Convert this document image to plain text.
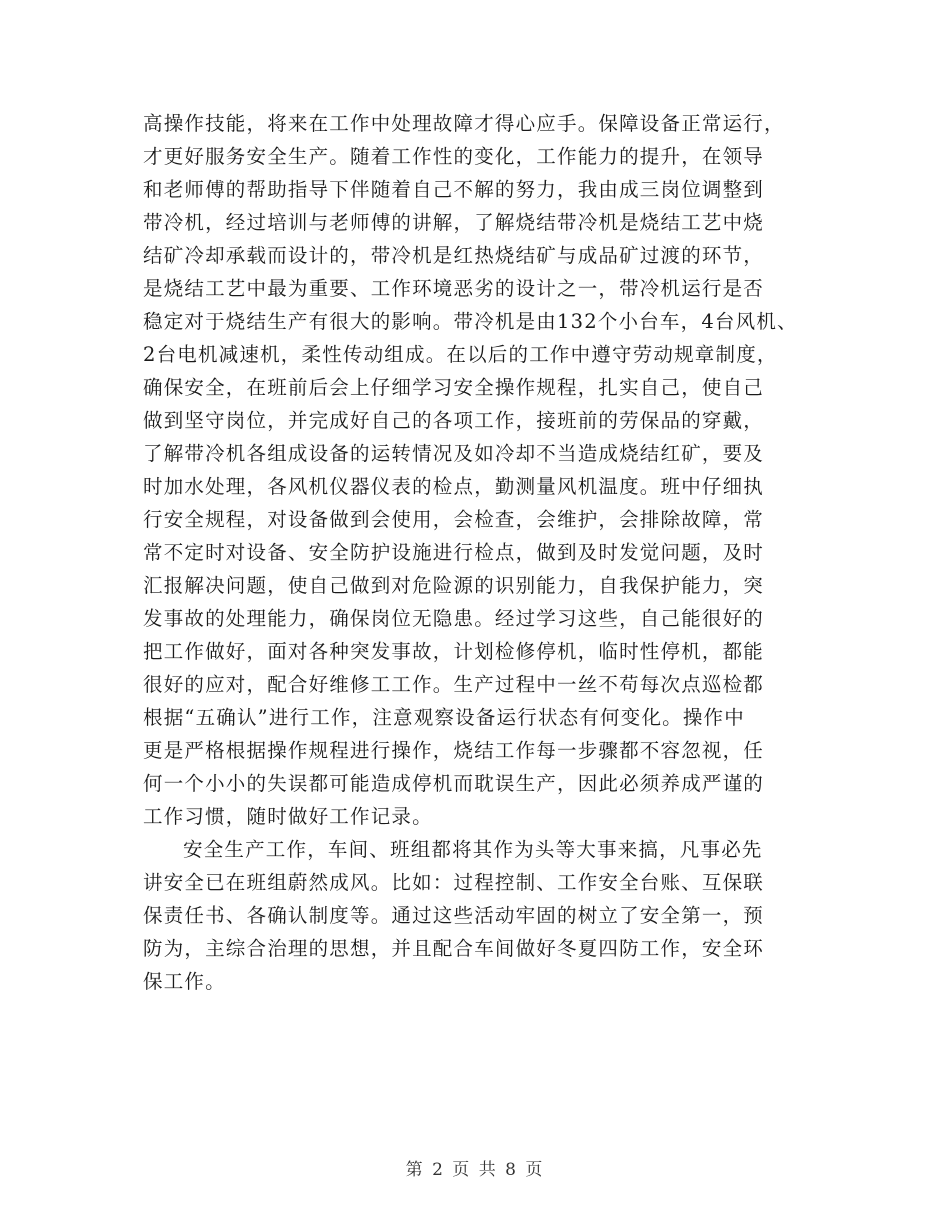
高操作技能，将来在工作中处理故障才得心应手。保障设备正常运行，
才更好服务安全生产。随着工作性的变化，工作能力的提升，在领导
和老师傅的帮助指导下伴随着自己不解的努力，我由成三岗位调整到
带冷机，经过培训与老师傅的讲解，了解烧结带冷机是烧结工艺中烧
结矿冷却承载而设计的，带冷机是红热烧结矿与成品矿过渡的环节，
是烧结工艺中最为重要、工作环境恶劣的设计之一，带冷机运行是否
稳定对于烧结生产有很大的影响。带冷机是由132个小台车，4台风机、
2台电机减速机，柔性传动组成。在以后的工作中遵守劳动规章制度，
确保安全，在班前后会上仔细学习安全操作规程，扎实自己，使自己
做到坚守岗位，并完成好自己的各项工作，接班前的劳保品的穿戴，
了解带冷机各组成设备的运转情况及如冷却不当造成烧结红矿，要及
时加水处理，各风机仪器仪表的检点，勤测量风机温度。班中仔细执
行安全规程，对设备做到会使用，会检查，会维护，会排除故障，常
常不定时对设备、安全防护设施进行检点，做到及时发觉问题，及时
汇报解决问题，使自己做到对危险源的识别能力，自我保护能力，突
发事故的处理能力，确保岗位无隐患。经过学习这些，自己能很好的
把工作做好，面对各种突发事故，计划检修停机，临时性停机，都能
很好的应对，配合好维修工工作。生产过程中一丝不苟每次点巡检都
根据“五确认”进行工作，注意观察设备运行状态有何变化。操作中
更是严格根据操作规程进行操作，烧结工作每一步骤都不容忽视，任
何一个小小的失误都可能造成停机而耽误生产，因此必须养成严谨的
工作习惯，随时做好工作记录。
安全生产工作，车间、班组都将其作为头等大事来搞，凡事必先
讲安全已在班组蔚然成风。比如：过程控制、工作安全台账、互保联
保责任书、各确认制度等。通过这些活动牢固的树立了安全第一，预
防为，主综合治理的思想，并且配合车间做好冬夏四防工作，安全环
保工作。
第 2 页 共 8 页
